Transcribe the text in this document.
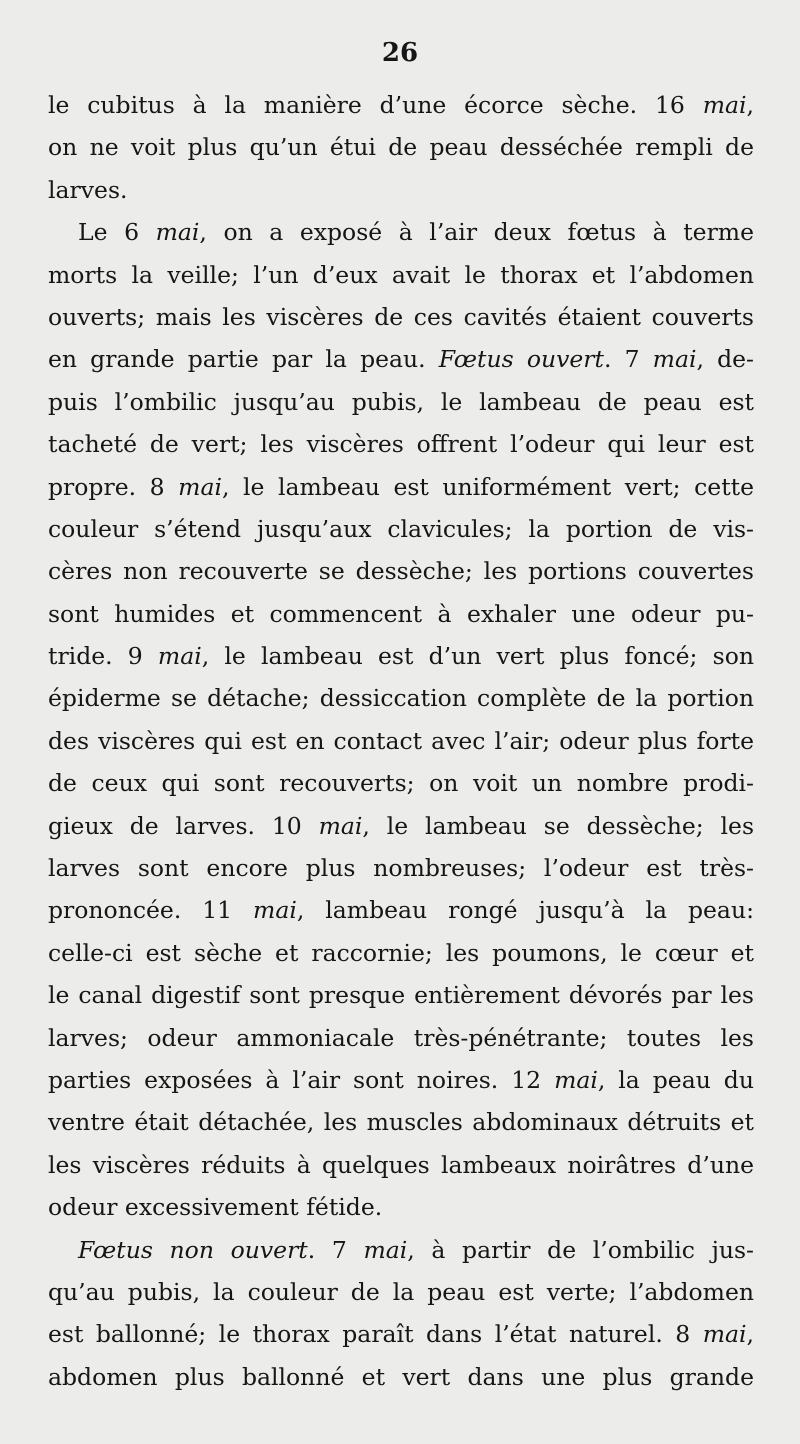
26
le cubitus à la manière d’une écorce sèche. 16 mai,
on ne voit plus qu’un étui de peau desséchée rempli de
larves.
Le 6 mai, on a exposé à l’air deux fœtus à terme
morts la veille; l’un d’eux avait le thorax et l’abdomen
ouverts; mais les viscères de ces cavités étaient couverts
en grande partie par la peau. Fœtus ouvert. 7 mai, de-
puis l’ombilic jusqu’au pubis, le lambeau de peau est
tacheté de vert; les viscères offrent l’odeur qui leur est
propre. 8 mai, le lambeau est uniformément vert; cette
couleur s’étend jusqu’aux clavicules; la portion de vis-
cères non recouverte se dessèche; les portions couvertes
sont humides et commencent à exhaler une odeur pu-
tride. 9 mai, le lambeau est d’un vert plus foncé; son
épiderme se détache; dessiccation complète de la portion
des viscères qui est en contact avec l’air; odeur plus forte
de ceux qui sont recouverts; on voit un nombre prodi-
gieux de larves. 10 mai, le lambeau se dessèche; les
larves sont encore plus nombreuses; l’odeur est très-
prononcée. 11 mai, lambeau rongé jusqu’à la peau:
celle-ci est sèche et raccornie; les poumons, le cœur et
le canal digestif sont presque entièrement dévorés par les
larves; odeur ammoniacale très-pénétrante; toutes les
parties exposées à l’air sont noires. 12 mai, la peau du
ventre était détachée, les muscles abdominaux détruits et
les viscères réduits à quelques lambeaux noirâtres d’une
odeur excessivement fétide.
Fœtus non ouvert. 7 mai, à partir de l’ombilic jus-
qu’au pubis, la couleur de la peau est verte; l’abdomen
est ballonné; le thorax paraît dans l’état naturel. 8 mai,
abdomen plus ballonné et vert dans une plus grande
